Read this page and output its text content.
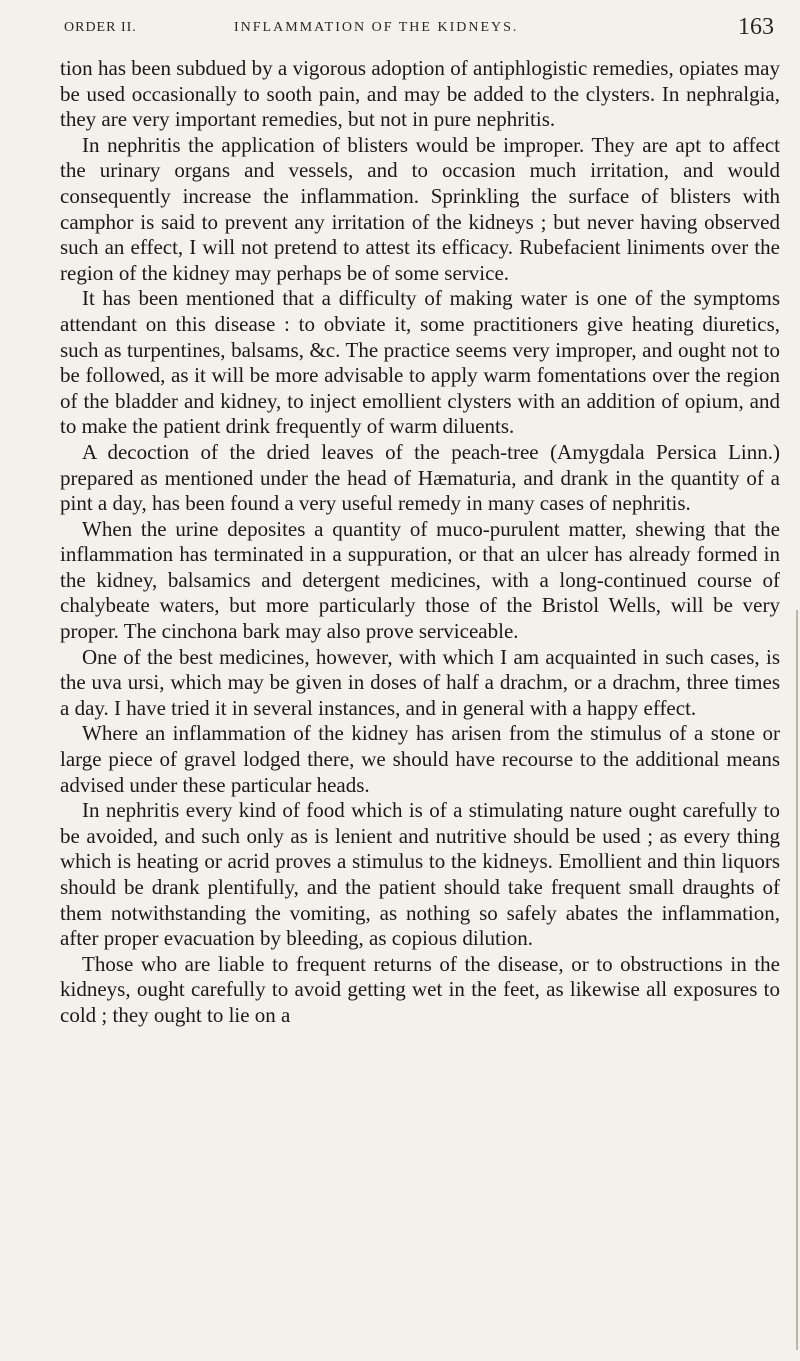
ORDER II.	INFLAMMATION OF THE KIDNEYS.	163

tion has been subdued by a vigorous adoption of antiphlogistic remedies, opiates may be used occasionally to sooth pain, and may be added to the clysters. In nephralgia, they are very important remedies, but not in pure nephritis.

In nephritis the application of blisters would be improper. They are apt to affect the urinary organs and vessels, and to occasion much irritation, and would consequently increase the inflammation. Sprinkling the surface of blisters with camphor is said to prevent any irritation of the kidneys ; but never having observed such an effect, I will not pretend to attest its efficacy. Rubefacient liniments over the region of the kidney may perhaps be of some service.

It has been mentioned that a difficulty of making water is one of the symptoms attendant on this disease : to obviate it, some practitioners give heating diuretics, such as turpentines, balsams, &c. The practice seems very improper, and ought not to be followed, as it will be more advisable to apply warm fomentations over the region of the bladder and kidney, to inject emollient clysters with an addition of opium, and to make the patient drink frequently of warm diluents.

A decoction of the dried leaves of the peach-tree (Amygdala Persica Linn.) prepared as mentioned under the head of Hæmaturia, and drank in the quantity of a pint a day, has been found a very useful remedy in many cases of nephritis.

When the urine deposites a quantity of muco-purulent matter, shewing that the inflammation has terminated in a suppuration, or that an ulcer has already formed in the kidney, balsamics and detergent medicines, with a long-continued course of chalybeate waters, but more particularly those of the Bristol Wells, will be very proper. The cinchona bark may also prove serviceable.

One of the best medicines, however, with which I am acquainted in such cases, is the uva ursi, which may be given in doses of half a drachm, or a drachm, three times a day. I have tried it in several instances, and in general with a happy effect.

Where an inflammation of the kidney has arisen from the stimulus of a stone or large piece of gravel lodged there, we should have recourse to the additional means advised under these particular heads.

In nephritis every kind of food which is of a stimulating nature ought carefully to be avoided, and such only as is lenient and nutritive should be used ; as every thing which is heating or acrid proves a stimulus to the kidneys. Emollient and thin liquors should be drank plentifully, and the patient should take frequent small draughts of them notwithstanding the vomiting, as nothing so safely abates the inflammation, after proper evacuation by bleeding, as copious dilution.

Those who are liable to frequent returns of the disease, or to obstructions in the kidneys, ought carefully to avoid getting wet in the feet, as likewise all exposures to cold ; they ought to lie on a
